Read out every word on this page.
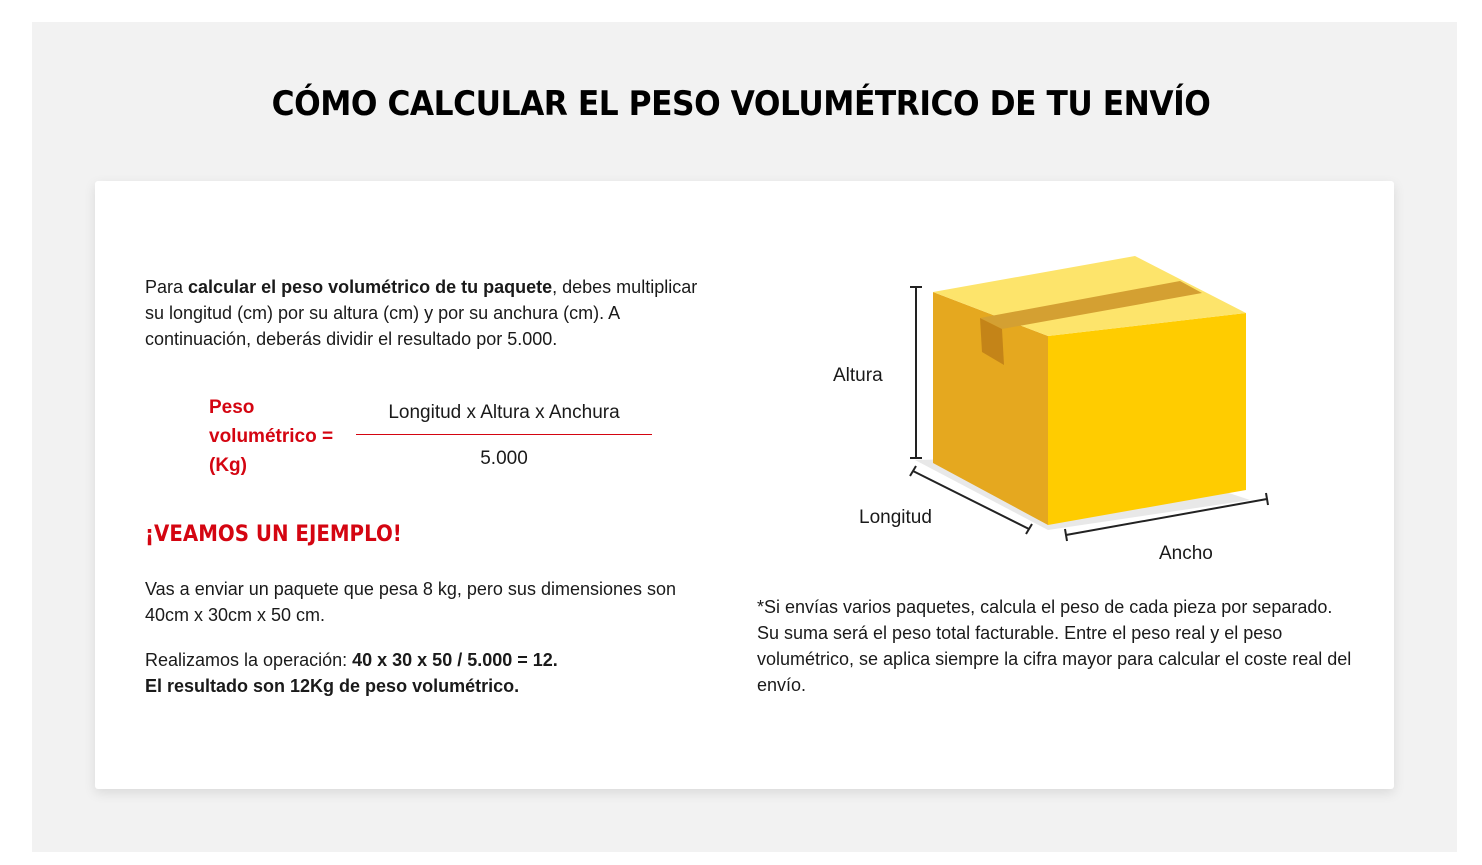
CÓMO CALCULAR EL PESO VOLUMÉTRICO DE TU ENVÍO

Para calcular el peso volumétrico de tu paquete, debes multiplicar su longitud (cm) por su altura (cm) y por su anchura (cm). A continuación, deberás dividir el resultado por 5.000.

Peso
volumétrico =
(Kg)
Longitud x Altura x Anchura
5.000
¡VEAMOS UN EJEMPLO!

Vas a enviar un paquete que pesa 8 kg, pero sus dimensiones son 40cm x 30cm x 50 cm.

Realizamos la operación: 40 x 30 x 50 / 5.000 = 12.
El resultado son 12Kg de peso volumétrico.

Altura
Longitud
Ancho

*Si envías varios paquetes, calcula el peso de cada pieza por separado. Su suma será el peso total facturable. Entre el peso real y el peso volumétrico, se aplica siempre la cifra mayor para calcular el coste real del envío.
